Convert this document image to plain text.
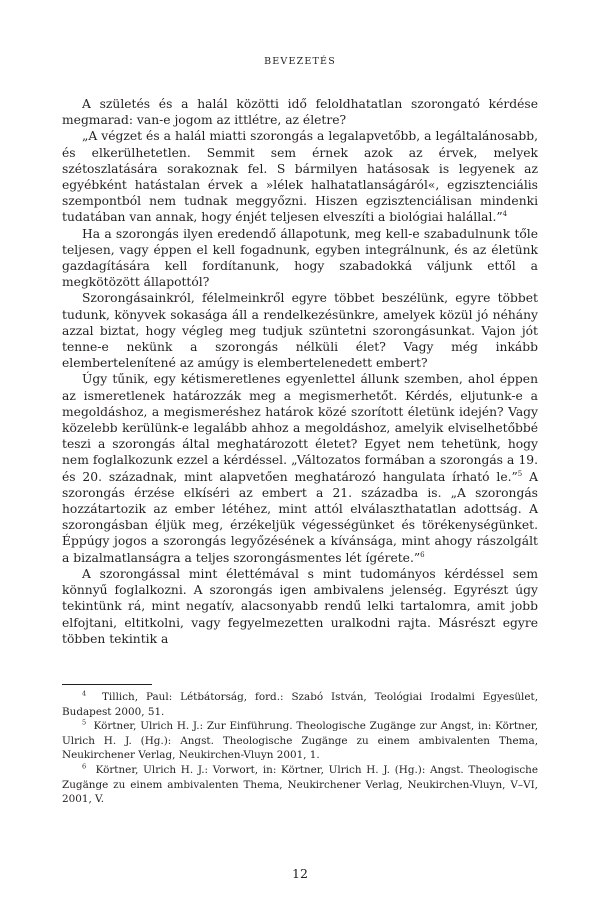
BEVEZETÉS

A születés és a halál közötti idő feloldhatatlan szorongató kérdése megmarad: van-e jogom az ittlétre, az életre?

„A végzet és a halál miatti szorongás a legalapvetőbb, a legáltalánosabb, és elkerülhetetlen. Semmit sem érnek azok az érvek, melyek szétoszlatására sorakoznak fel. S bármilyen hatásosak is legyenek az egyébként hatástalan érvek a »lélek halhatatlanságáról«, egzisztenciális szempontból nem tudnak meggyőzni. Hiszen egzisztenciálisan mindenki tudatában van annak, hogy énjét teljesen elveszíti a biológiai halállal.”$^4$

Ha a szorongás ilyen eredendő állapotunk, meg kell-e szabadulnunk tőle teljesen, vagy éppen el kell fogadnunk, egyben integrálnunk, és az életünk gazdagítására kell fordítanunk, hogy szabadokká váljunk ettől a megkötözött állapottól?

Szorongásainkról, félelmeinkről egyre többet beszélünk, egyre többet tudunk, könyvek sokasága áll a rendelkezésünkre, amelyek közül jó néhány azzal biztat, hogy végleg meg tudjuk szüntetni szorongásunkat. Vajon jót tenne-e nekünk a szorongás nélküli élet? Vagy még inkább elembertelenítené az amúgy is elembertelenedett embert?

Úgy tűnik, egy kétismeretlenes egyenlettel állunk szemben, ahol éppen az ismeretlenek határozzák meg a megismerhetőt. Kérdés, eljutunk-e a megoldáshoz, a megismeréshez határok közé szorított életünk idején? Vagy közelebb kerülünk-e legalább ahhoz a megoldáshoz, amelyik elviselhetőbbé teszi a szorongás által meghatározott életet? Egyet nem tehetünk, hogy nem foglalkozunk ezzel a kérdéssel. „Változatos formában a szorongás a 19. és 20. századnak, mint alapvetően meghatározó hangulata írható le.”$^5$ A szorongás érzése elkíséri az embert a 21. századba is. „A szorongás hozzátartozik az ember létéhez, mint attól elválaszthatatlan adottság. A szorongásban éljük meg, érzékeljük végességünket és törékenységünket. Éppúgy jogos a szorongás legyőzésének a kívánsága, mint ahogy rászolgált a bizalmatlanságra a teljes szorongásmentes lét ígérete.”$^6$

A szorongással mint élettémával s mint tudományos kérdéssel sem könnyű foglalkozni. A szorongás igen ambivalens jelenség. Egyrészt úgy tekintünk rá, mint negatív, alacsonyabb rendű lelki tartalomra, amit jobb elfojtani, eltitkolni, vagy fegyelmezetten uralkodni rajta. Másrészt egyre többen tekintik a

$^4$ Tillich, Paul: Létbátorság, ford.: Szabó István, Teológiai Irodalmi Egyesület, Budapest 2000, 51.

$^5$ Körtner, Ulrich H. J.: Zur Einführung. Theologische Zugänge zur Angst, in: Körtner, Ulrich H. J. (Hg.): Angst. Theologische Zugänge zu einem ambivalenten Thema, Neukirchener Verlag, Neukirchen-Vluyn 2001, 1.

$^6$ Körtner, Ulrich H. J.: Vorwort, in: Körtner, Ulrich H. J. (Hg.): Angst. Theologische Zugänge zu einem ambivalenten Thema, Neukirchener Verlag, Neukirchen-Vluyn, V–VI, 2001, V.

12
